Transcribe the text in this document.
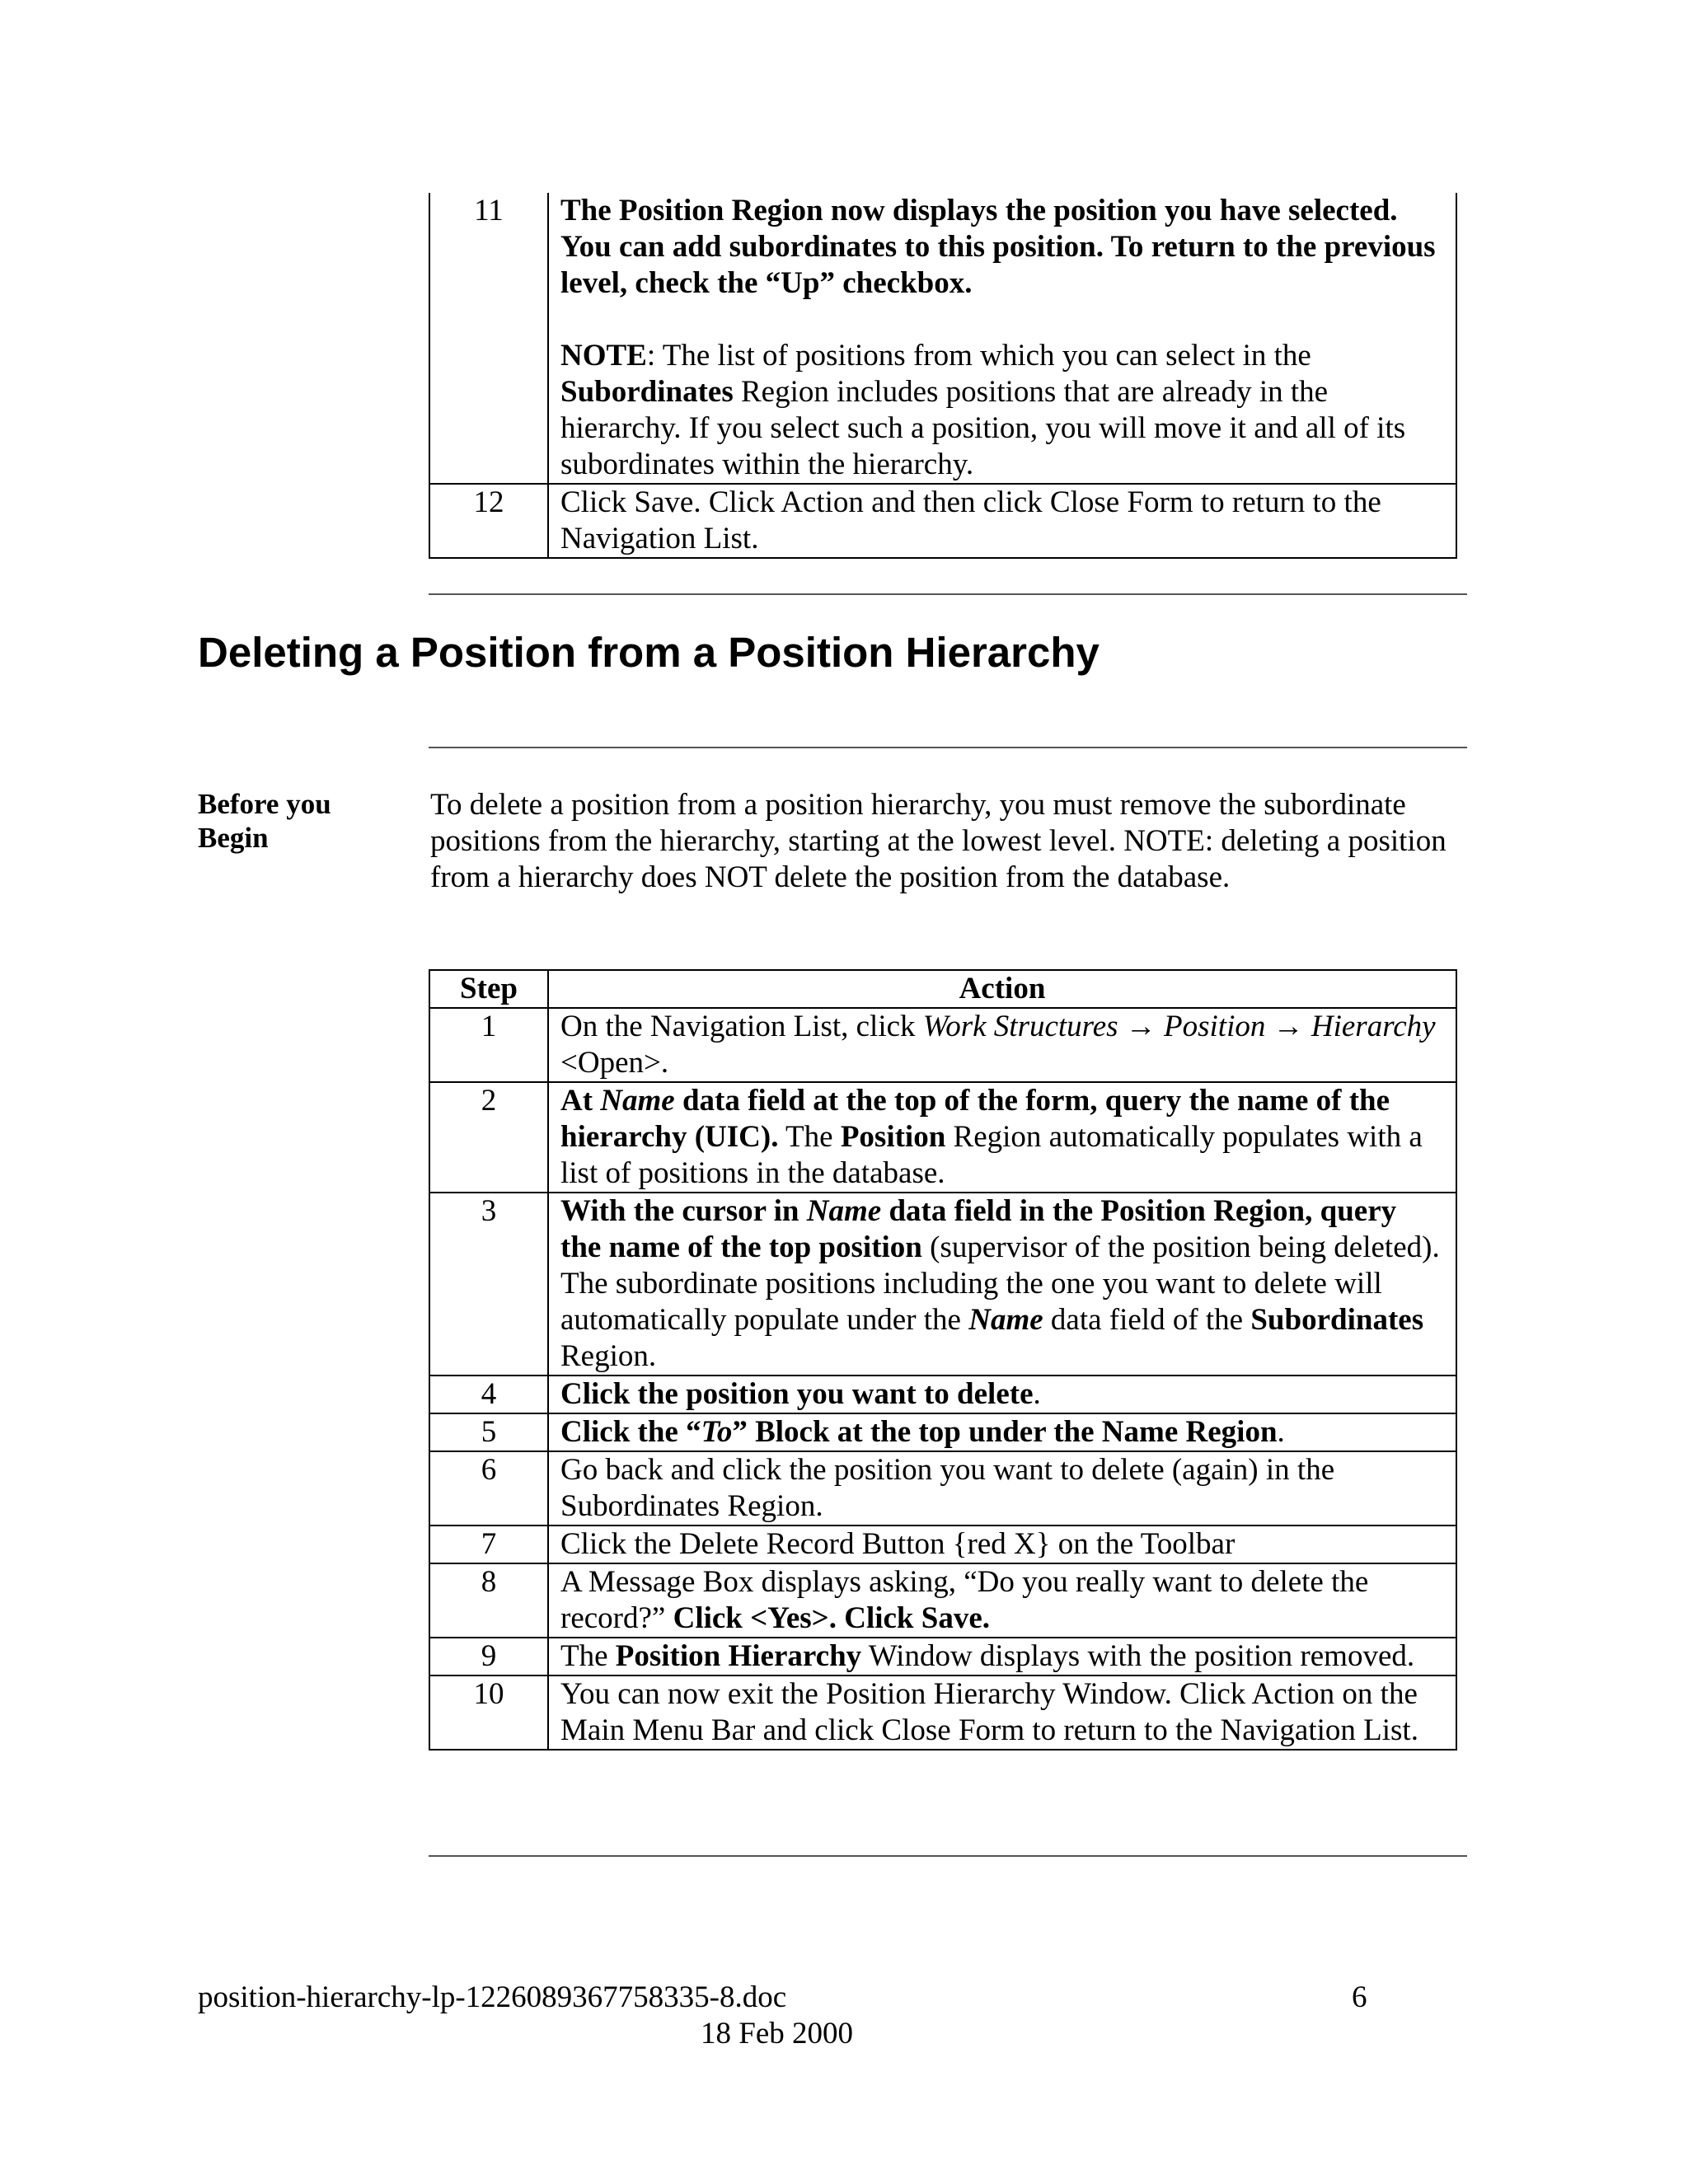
11	The Position Region now displays the position you have selected. You can add subordinates to this position. To return to the previous level, check the “Up” checkbox.

NOTE: The list of positions from which you can select in the Subordinates Region includes positions that are already in the hierarchy. If you select such a position, you will move it and all of its subordinates within the hierarchy.

12	Click Save. Click Action and then click Close Form to return to the Navigation List.
Deleting a Position from a Position Hierarchy
Before you Begin

To delete a position from a position hierarchy, you must remove the subordinate positions from the hierarchy, starting at the lowest level. NOTE: deleting a position from a hierarchy does NOT delete the position from the database.

Step	Action
1	On the Navigation List, click Work Structures → Position → Hierarchy <Open>.
2	At Name data field at the top of the form, query the name of the hierarchy (UIC). The Position Region automatically populates with a list of positions in the database.
3	With the cursor in Name data field in the Position Region, query the name of the top position (supervisor of the position being deleted). The subordinate positions including the one you want to delete will automatically populate under the Name data field of the Subordinates Region.
4	Click the position you want to delete.
5	Click the “To” Block at the top under the Name Region.
6	Go back and click the position you want to delete (again) in the Subordinates Region.
7	Click the Delete Record Button {red X} on the Toolbar
8	A Message Box displays asking, “Do you really want to delete the record?” Click <Yes>. Click Save.
9	The Position Hierarchy Window displays with the position removed.
10	You can now exit the Position Hierarchy Window. Click Action on the Main Menu Bar and click Close Form to return to the Navigation List.
position-hierarchy-lp-1226089367758335-8.doc	6
18 Feb 2000
